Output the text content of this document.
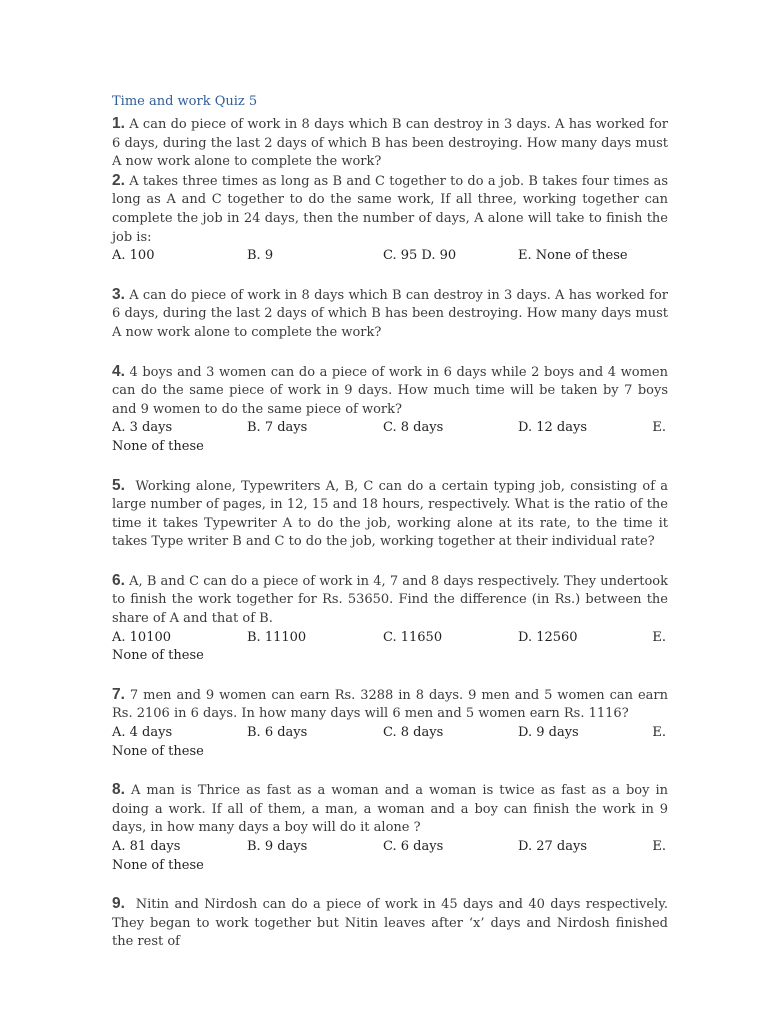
Time and work Quiz 5

1. A can do piece of work in 8 days which B can destroy in 3 days. A has worked for 6 days, during the last 2 days of which B has been destroying. How many days must A now work alone to complete the work?

2. A takes three times as long as B and C together to do a job. B takes four times as long as A and C together to do the same work, If all three, working together can complete the job in 24 days, then the number of days, A alone will take to finish the job is:

A. 100	B. 9	C. 95 D. 90	E. None of these

3. A can do piece of work in 8 days which B can destroy in 3 days. A has worked for 6 days, during the last 2 days of which B has been destroying. How many days must A now work alone to complete the work?

4. 4 boys and 3 women can do a piece of work in 6 days while 2 boys and 4 women can do the same piece of work in 9 days. How much time will be taken by 7 boys and 9 women to do the same piece of work?

A. 3 days	B. 7 days	C. 8 days	D. 12 days	E.
None of these

5. Working alone, Typewriters A, B, C can do a certain typing job, consisting of a large number of pages, in 12, 15 and 18 hours, respectively. What is the ratio of the time it takes Typewriter A to do the job, working alone at its rate, to the time it takes Type writer B and C to do the job, working together at their individual rate?

6. A, B and C can do a piece of work in 4, 7 and 8 days respectively. They undertook to finish the work together for Rs. 53650. Find the difference (in Rs.) between the share of A and that of B.

A. 10100	B. 11100	C. 11650	D. 12560	E.
None of these

7. 7 men and 9 women can earn Rs. 3288 in 8 days. 9 men and 5 women can earn Rs. 2106 in 6 days. In how many days will 6 men and 5 women earn Rs. 1116?

A. 4 days	B. 6 days	C. 8 days	D. 9 days	E.
None of these

8. A man is Thrice as fast as a woman and a woman is twice as fast as a boy in doing a work. If all of them, a man, a woman and a boy can finish the work in 9 days, in how many days a boy will do it alone ?

A. 81 days	B. 9 days	C. 6 days	D. 27 days	E.
None of these

9. Nitin and Nirdosh can do a piece of work in 45 days and 40 days respectively. They began to work together but Nitin leaves after ‘x’ days and Nirdosh finished the rest of
